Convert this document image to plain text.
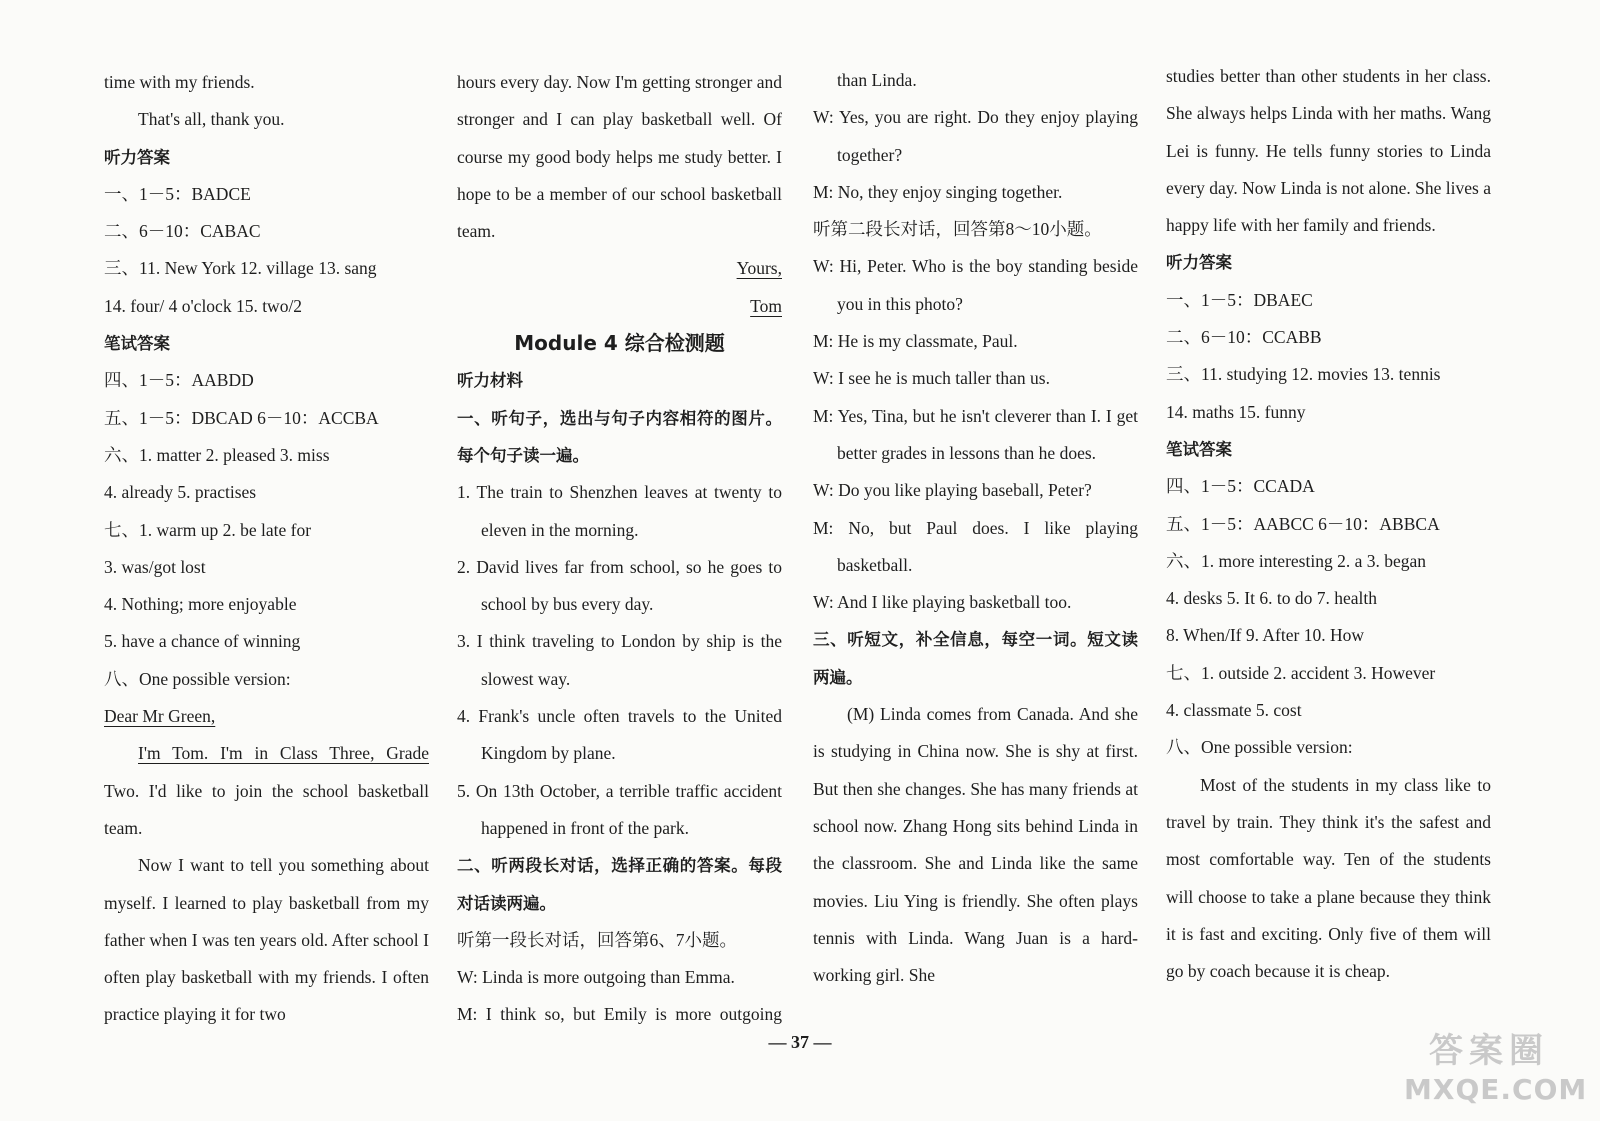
time with my friends.

That's all, thank you.

听力答案

一、1－5：BADCE

二、6－10：CABAC

三、11. New York 12. village 13. sang

14. four/ 4 o'clock 15. two/2

笔试答案

四、1－5：AABDD

五、1－5：DBCAD 6－10：ACCBA

六、1. matter 2. pleased 3. miss

4. already 5. practises

七、1. warm up 2. be late for

3. was/got lost

4. Nothing; more enjoyable

5. have a chance of winning

八、One possible version:

Dear Mr Green,

I'm Tom. I'm in Class Three, Grade

Two. I'd like to join the school basketball team.

Now I want to tell you something about myself. I learned to play basketball from my father when I was ten years old. After school I often play basketball with my friends. I often practice playing it for two

hours every day. Now I'm getting stronger and stronger and I can play basketball well. Of course my good body helps me study better. I hope to be a member of our school basketball team.

Yours,

Tom

Module 4 综合检测题

听力材料

一、听句子，选出与句子内容相符的图片。每个句子读一遍。

1. The train to Shenzhen leaves at twenty to eleven in the morning.

2. David lives far from school, so he goes to school by bus every day.

3. I think traveling to London by ship is the slowest way.

4. Frank's uncle often travels to the United Kingdom by plane.

5. On 13th October, a terrible traffic accident happened in front of the park.

二、听两段长对话，选择正确的答案。每段对话读两遍。

听第一段长对话，回答第6、7小题。

W: Linda is more outgoing than Emma.

M: I think so, but Emily is more outgoing

than Linda.

W: Yes, you are right. Do they enjoy playing together?

M: No, they enjoy singing together.

听第二段长对话，回答第8～10小题。

W: Hi, Peter. Who is the boy standing beside you in this photo?

M: He is my classmate, Paul.

W: I see he is much taller than us.

M: Yes, Tina, but he isn't cleverer than I. I get better grades in lessons than he does.

W: Do you like playing baseball, Peter?

M: No, but Paul does. I like playing basketball.

W: And I like playing basketball too.

三、听短文，补全信息，每空一词。短文读两遍。

(M) Linda comes from Canada. And she is studying in China now. She is shy at first. But then she changes. She has many friends at school now. Zhang Hong sits behind Linda in the classroom. She and Linda like the same movies. Liu Ying is friendly. She often plays tennis with Linda. Wang Juan is a hard-working girl. She

studies better than other students in her class. She always helps Linda with her maths. Wang Lei is funny. He tells funny stories to Linda every day. Now Linda is not alone. She lives a happy life with her family and friends.

听力答案

一、1－5：DBAEC

二、6－10：CCABB

三、11. studying 12. movies 13. tennis

14. maths 15. funny

笔试答案

四、1－5：CCADA

五、1－5：AABCC 6－10：ABBCA

六、1. more interesting 2. a 3. began

4. desks 5. It 6. to do 7. health

8. When/If 9. After 10. How

七、1. outside 2. accident 3. However

4. classmate 5. cost

八、One possible version:

Most of the students in my class like to travel by train. They think it's the safest and most comfortable way. Ten of the students will choose to take a plane because they think it is fast and exciting. Only five of them will go by coach because it is cheap.

— 37 —	答案圈
MXQE.COM
